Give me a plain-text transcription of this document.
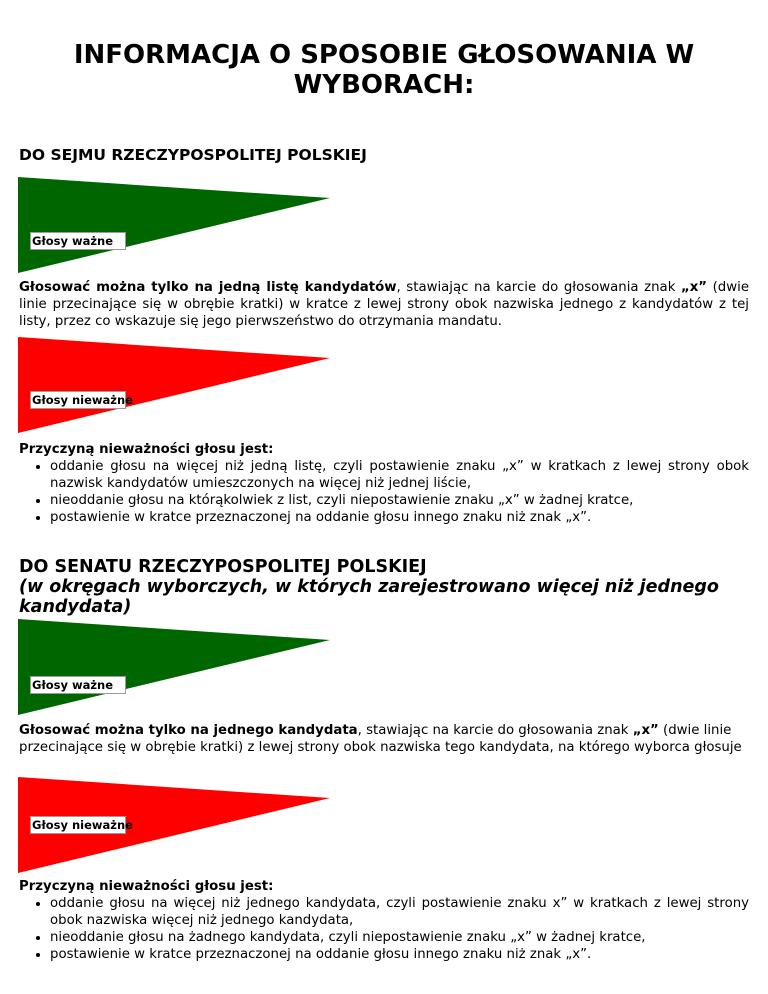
INFORMACJA O SPOSOBIE GŁOSOWANIA W WYBORACH:
DO SEJMU RZECZYPOSPOLITEJ POLSKIEJ
Głosy ważne

Głosować można tylko na jedną listę kandydatów, stawiając na karcie do głosowania znak „x” (dwie linie przecinające się w obrębie kratki) w kratce z lewej strony obok nazwiska jednego z kandydatów z tej listy, przez co wskazuje się jego pierwszeństwo do otrzymania mandatu.

Głosy nieważne

Przyczyną nieważności głosu jest:

• oddanie głosu na więcej niż jedną listę, czyli postawienie znaku „x” w kratkach z lewej strony obok nazwisk kandydatów umieszczonych na więcej niż jednej liście,
• nieoddanie głosu na którąkolwiek z list, czyli niepostawienie znaku „x” w żadnej kratce,
• postawienie w kratce przeznaczonej na oddanie głosu innego znaku niż znak „x”.
DO SENATU RZECZYPOSPOLITEJ POLSKIEJ
(w okręgach wyborczych, w których zarejestrowano więcej niż jednego kandydata)
Głosy ważne

Głosować można tylko na jednego kandydata, stawiając na karcie do głosowania znak „x” (dwie linie przecinające się w obrębie kratki) z lewej strony obok nazwiska tego kandydata, na którego wyborca głosuje

Głosy nieważne

Przyczyną nieważności głosu jest:

• oddanie głosu na więcej niż jednego kandydata, czyli postawienie znaku x” w kratkach z lewej strony obok nazwiska więcej niż jednego kandydata,
• nieoddanie głosu na żadnego kandydata, czyli niepostawienie znaku „x” w żadnej kratce,
• postawienie w kratce przeznaczonej na oddanie głosu innego znaku niż znak „x”.
